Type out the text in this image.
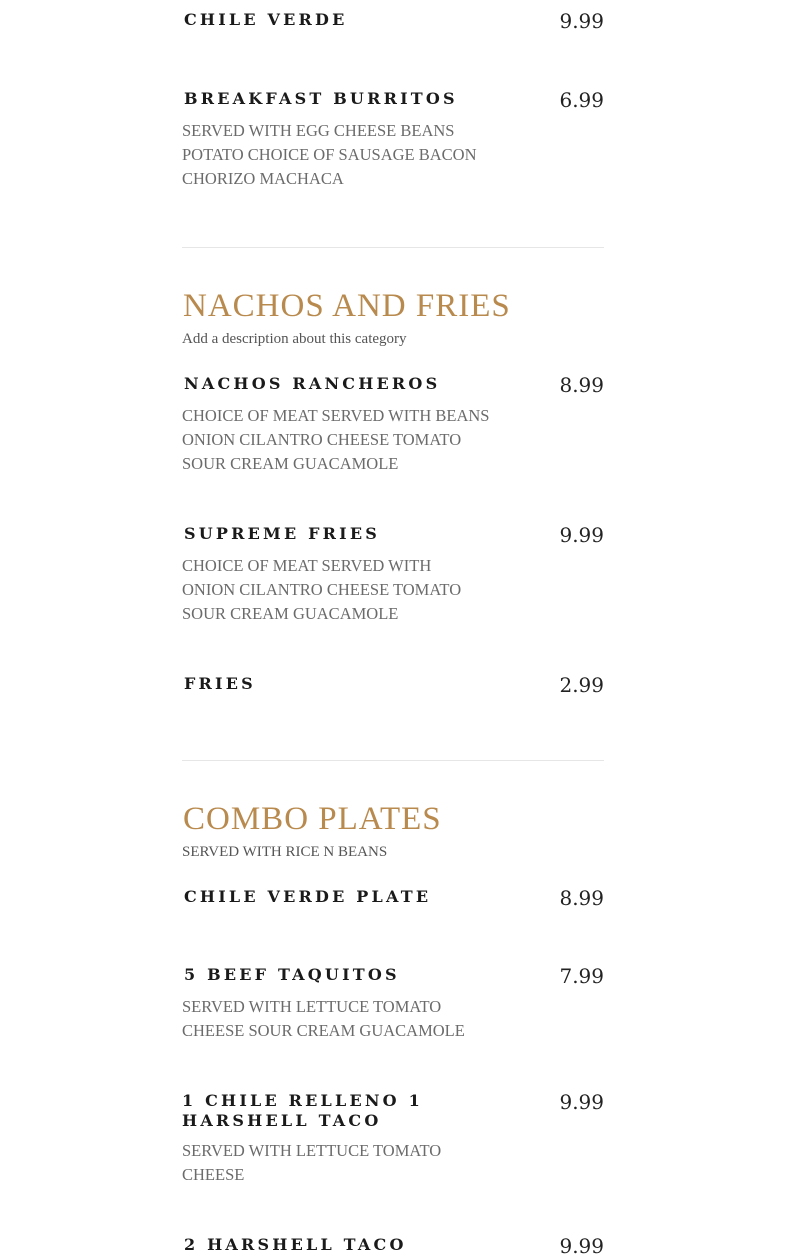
CHILE VERDE	9.99
BREAKFAST BURRITOS	6.99
SERVED WITH EGG CHEESE BEANS
POTATO CHOICE OF SAUSAGE BACON
CHORIZO MACHACA
NACHOS AND FRIES
Add a description about this category
NACHOS RANCHEROS	8.99
CHOICE OF MEAT SERVED WITH BEANS
ONION CILANTRO CHEESE TOMATO
SOUR CREAM GUACAMOLE
SUPREME FRIES	9.99
CHOICE OF MEAT SERVED WITH
ONION CILANTRO CHEESE TOMATO
SOUR CREAM GUACAMOLE
FRIES	2.99
COMBO PLATES
SERVED WITH RICE N BEANS
CHILE VERDE PLATE	8.99
5 BEEF TAQUITOS	7.99
SERVED WITH LETTUCE TOMATO
CHEESE SOUR CREAM GUACAMOLE
1 CHILE RELLENO 1
HARSHELL TACO
9.99
SERVED WITH LETTUCE TOMATO
CHEESE
2 HARSHELL TACO	9.99
